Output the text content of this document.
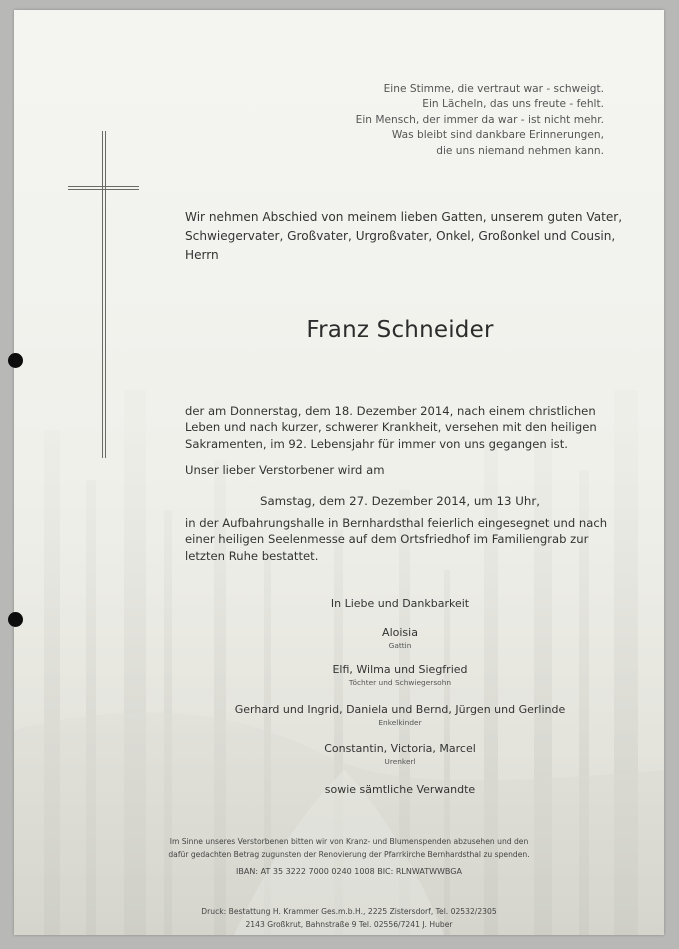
Eine Stimme, die vertraut war - schweigt.
Ein Lächeln, das uns freute - fehlt.
Ein Mensch, der immer da war - ist nicht mehr.
Was bleibt sind dankbare Erinnerungen,
die uns niemand nehmen kann.
Wir nehmen Abschied von meinem lieben Gatten, unserem guten Vater,
Schwiegervater, Großvater, Urgroßvater, Onkel, Großonkel und Cousin,
Herrn
Franz Schneider
der am Donnerstag, dem 18. Dezember 2014, nach einem christlichen
Leben und nach kurzer, schwerer Krankheit, versehen mit den heiligen
Sakramenten, im 92. Lebensjahr für immer von uns gegangen ist.
Unser lieber Verstorbener wird am
Samstag, dem 27. Dezember 2014, um 13 Uhr,
in der Aufbahrungshalle in Bernhardsthal feierlich eingesegnet und nach
einer heiligen Seelenmesse auf dem Ortsfriedhof im Familiengrab zur
letzten Ruhe bestattet.
In Liebe und Dankbarkeit
Aloisia
Gattin
Elfi, Wilma und Siegfried
Töchter und Schwiegersohn
Gerhard und Ingrid, Daniela und Bernd, Jürgen und Gerlinde
Enkelkinder
Constantin, Victoria, Marcel
Urenkerl
sowie sämtliche Verwandte
Im Sinne unseres Verstorbenen bitten wir von Kranz- und Blumenspenden abzusehen und den
dafür gedachten Betrag zugunsten der Renovierung der Pfarrkirche Bernhardsthal zu spenden.
IBAN: AT 35 3222 7000 0240 1008 BIC: RLNWATWWBGA
Druck: Bestattung H. Krammer Ges.m.b.H., 2225 Zistersdorf, Tel. 02532/2305
2143 Großkrut, Bahnstraße 9 Tel. 02556/7241 J. Huber
